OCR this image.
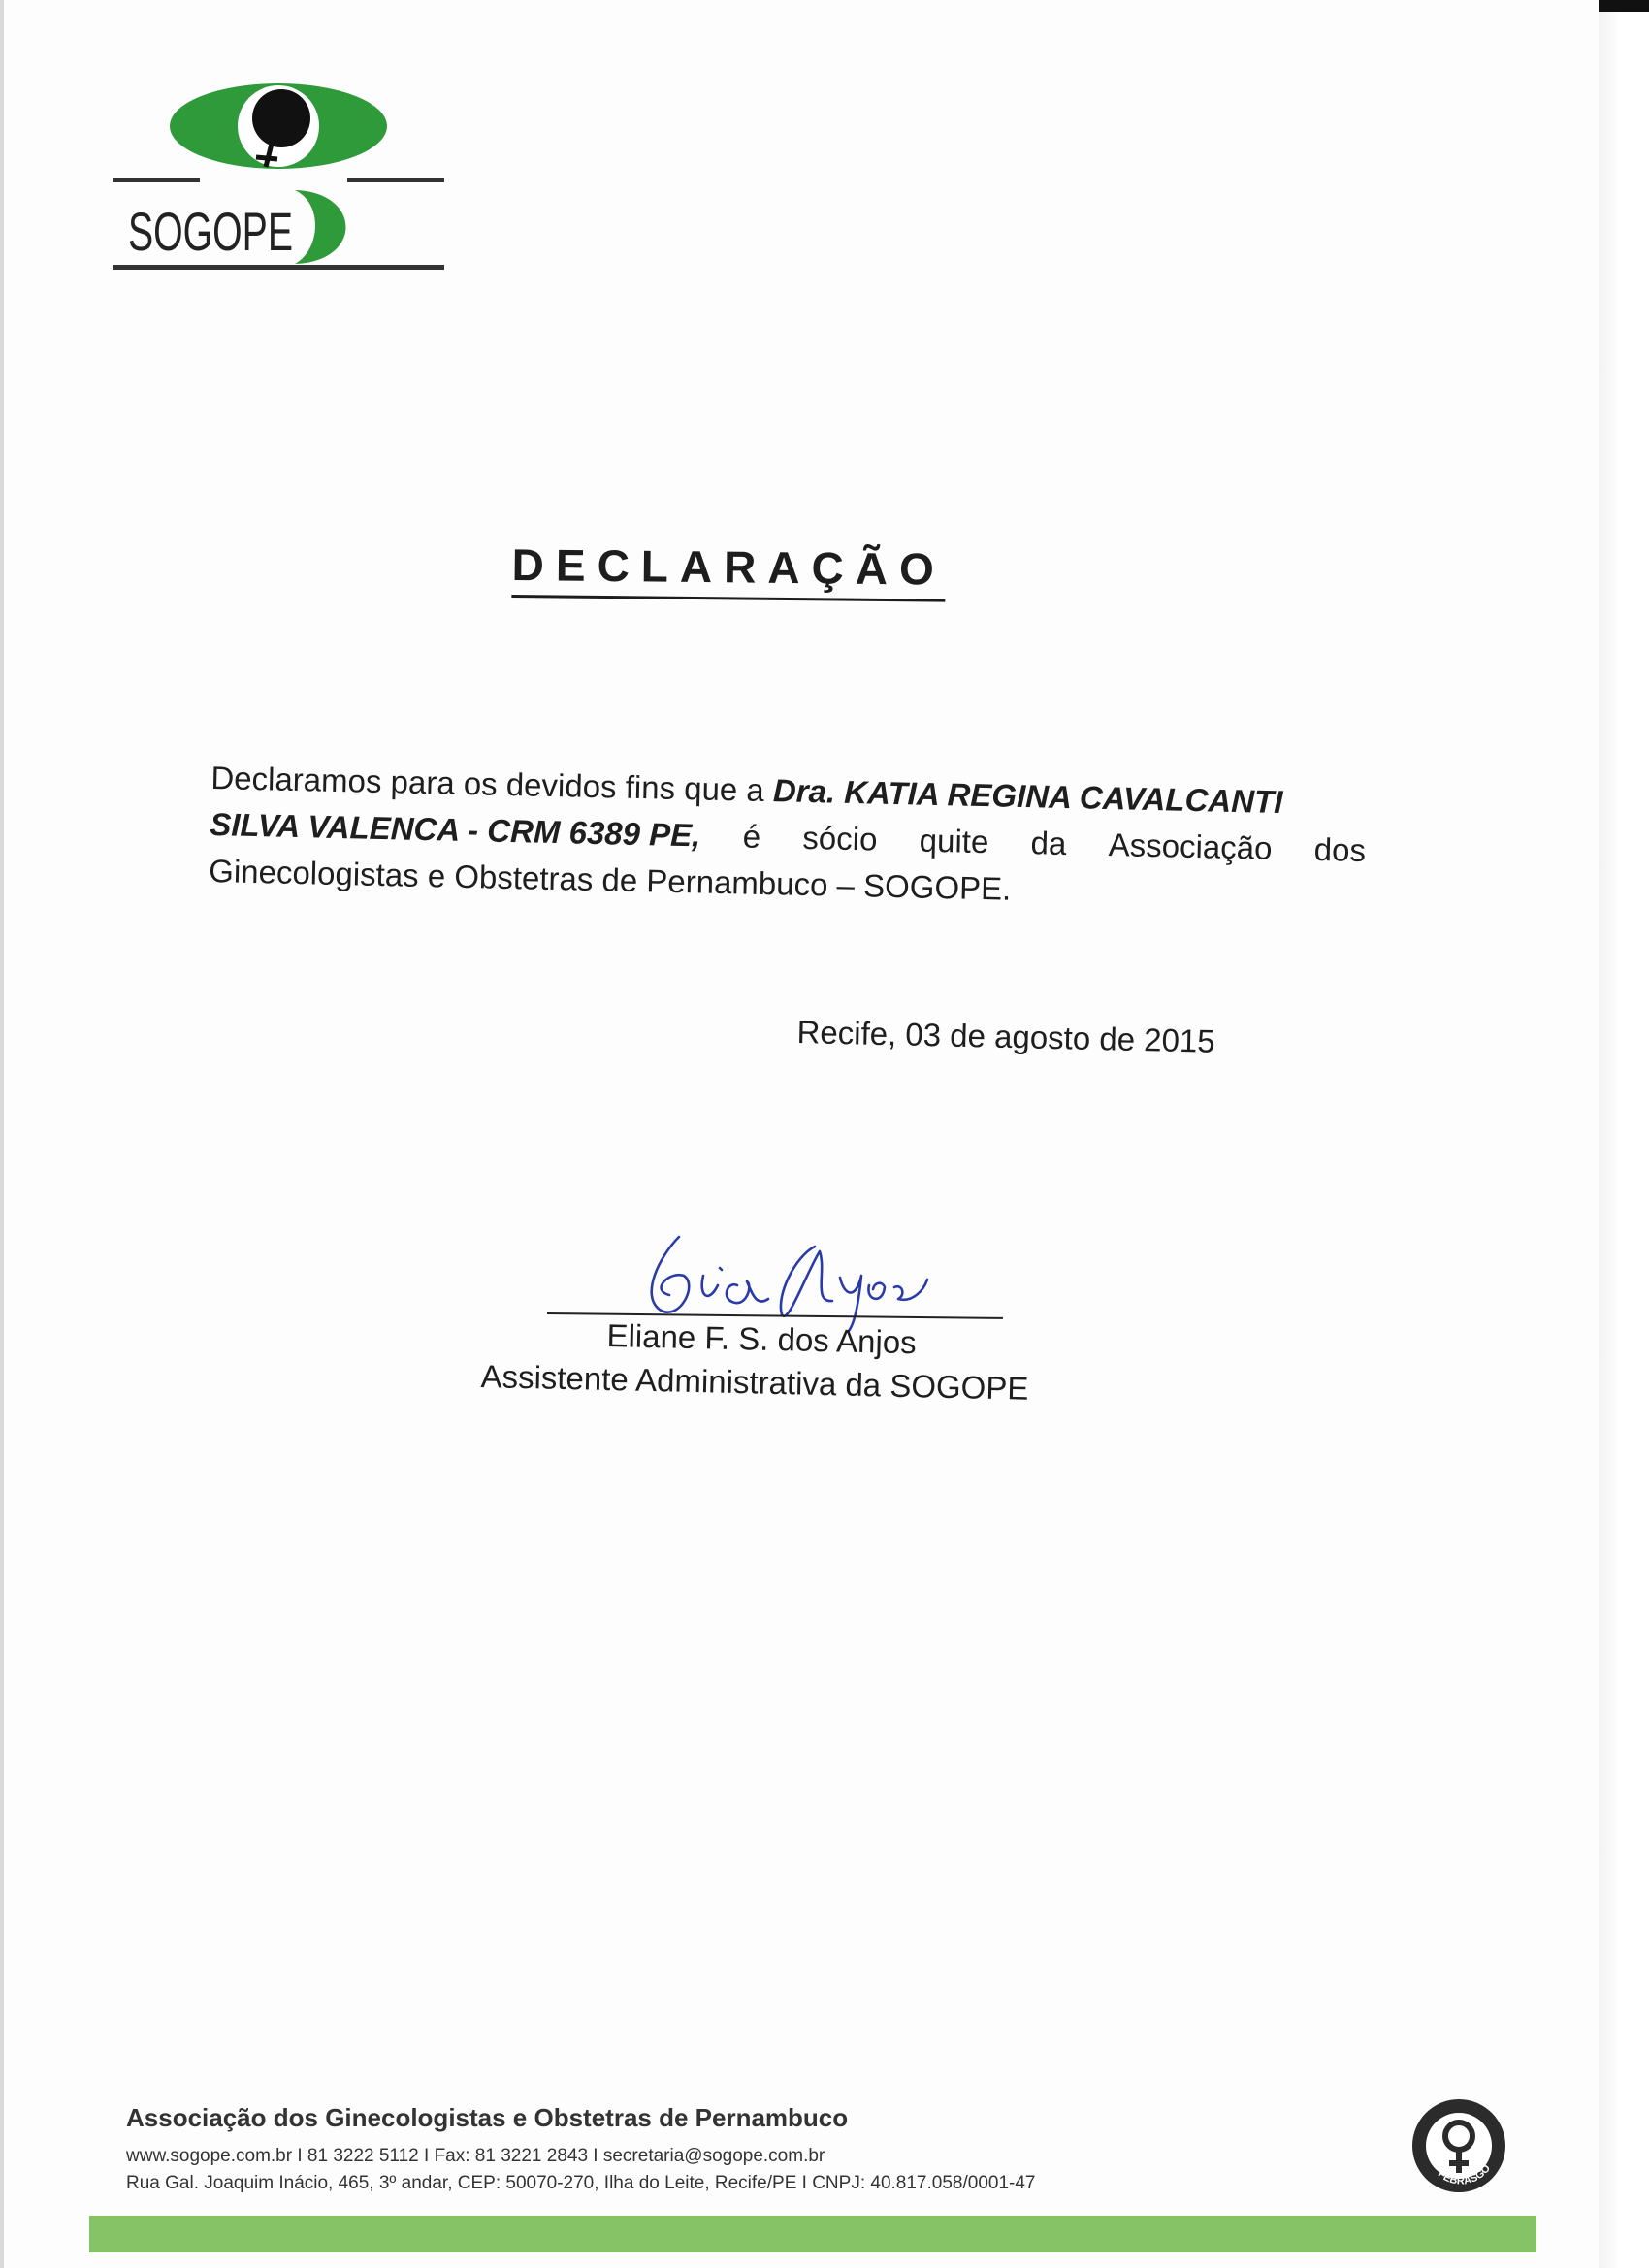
SOGOPE
DECLARAÇÃO
Declaramos para os devidos fins que a Dra. KATIA REGINA CAVALCANTI
SILVA VALENCA - CRM 6389 PE, é sócio quite da Associação dos
Ginecologistas e Obstetras de Pernambuco – SOGOPE.
Recife, 03 de agosto de 2015
Eliane F. S. dos Anjos
Assistente Administrativa da SOGOPE
Associação dos Ginecologistas e Obstetras de Pernambuco
www.sogope.com.br I 81 3222 5112 I Fax: 81 3221 2843 I secretaria@sogope.com.br
Rua Gal. Joaquim Inácio, 465, 3º andar, CEP: 50070-270, Ilha do Leite, Recife/PE I CNPJ: 40.817.058/0001-47	FEBRASGO
